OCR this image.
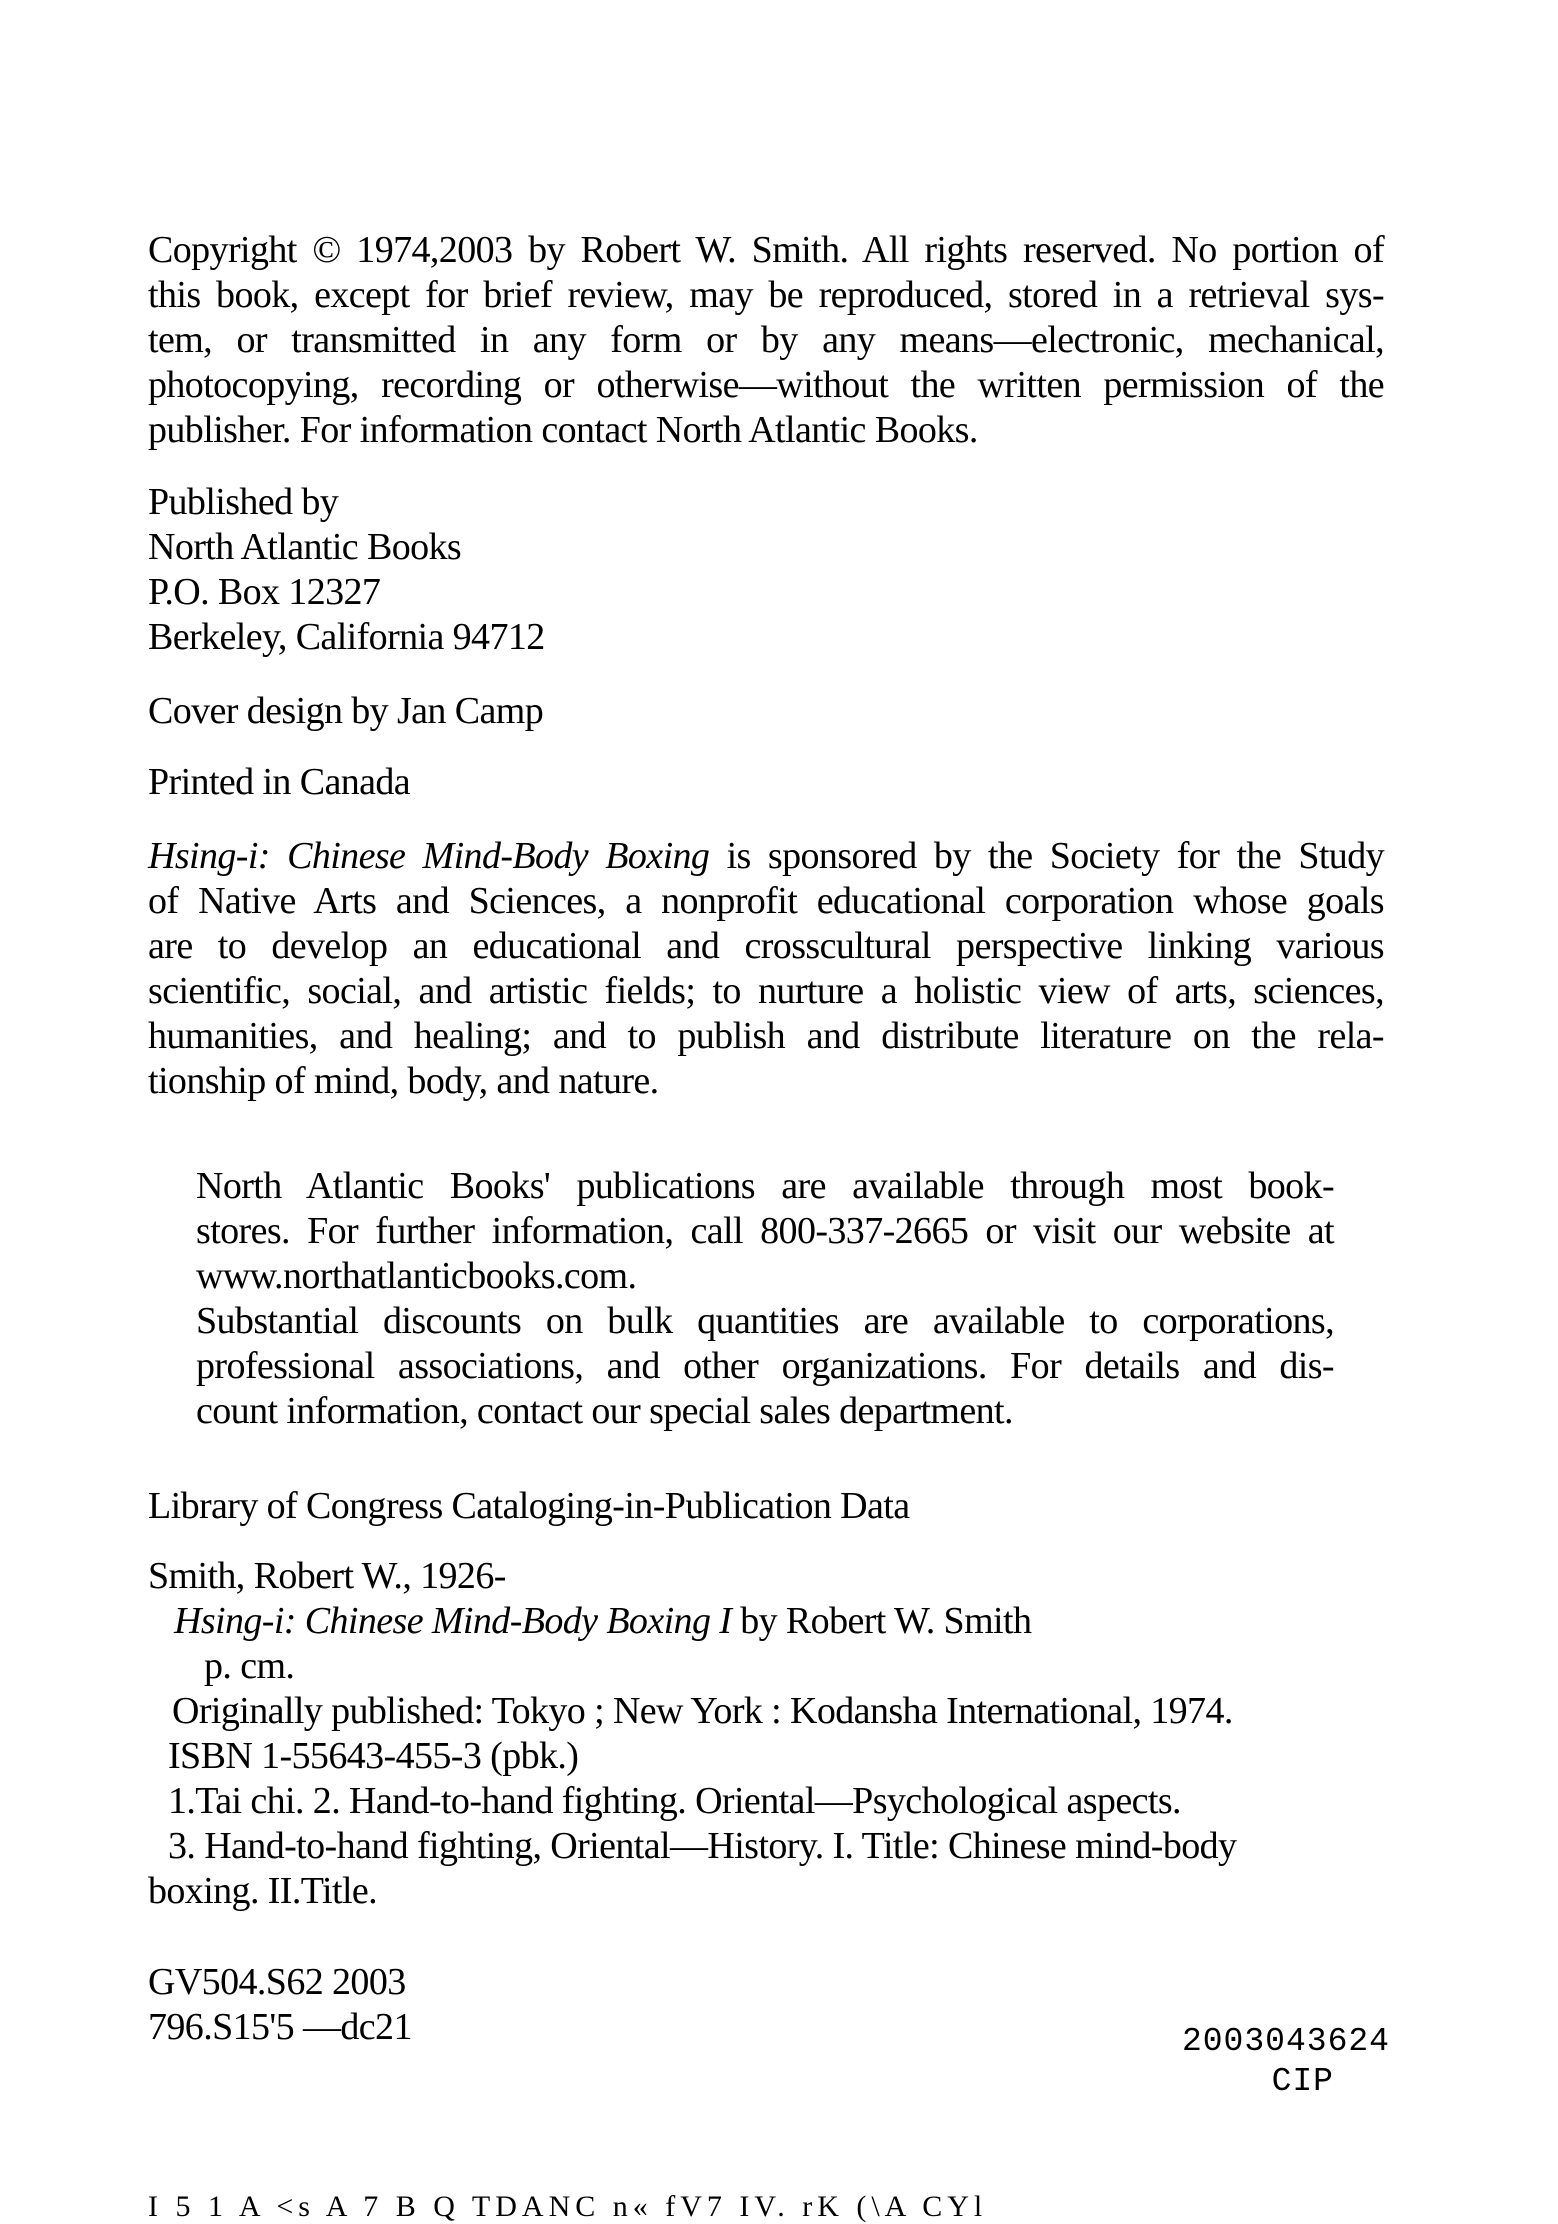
Copyright © 1974,2003 by Robert W. Smith. All rights reserved. No portion of
this book, except for brief review, may be reproduced, stored in a retrieval sys-
tem, or transmitted in any form or by any means—electronic, mechanical,
photocopying, recording or otherwise—without the written permission of the
publisher. For information contact North Atlantic Books.
Published by
North Atlantic Books
P.O. Box 12327
Berkeley, California 94712
Cover design by Jan Camp
Printed in Canada
Hsing-i: Chinese Mind-Body Boxing is sponsored by the Society for the Study
of Native Arts and Sciences, a nonprofit educational corporation whose goals
are to develop an educational and crosscultural perspective linking various
scientific, social, and artistic fields; to nurture a holistic view of arts, sciences,
humanities, and healing; and to publish and distribute literature on the rela-
tionship of mind, body, and nature.
North Atlantic Books' publications are available through most book-
stores. For further information, call 800-337-2665 or visit our website at
www.northatlanticbooks.com.
Substantial discounts on bulk quantities are available to corporations,
professional associations, and other organizations. For details and dis-
count information, contact our special sales department.
Library of Congress Cataloging-in-Publication Data
Smith, Robert W., 1926-
Hsing-i: Chinese Mind-Body Boxing I by Robert W. Smith
p. cm.
Originally published: Tokyo ; New York : Kodansha International, 1974.
ISBN 1-55643-455-3 (pbk.)
1.Tai chi. 2. Hand-to-hand fighting. Oriental—Psychological aspects.
3. Hand-to-hand fighting, Oriental—History. I. Title: Chinese mind-body
boxing. II.Title.
GV504.S62 2003
796.S15'5 —dc21	2003043624
CIP
I 5 1 A <s A 7 B Q TDANC n« fV7 IV. rK (\A CYl
